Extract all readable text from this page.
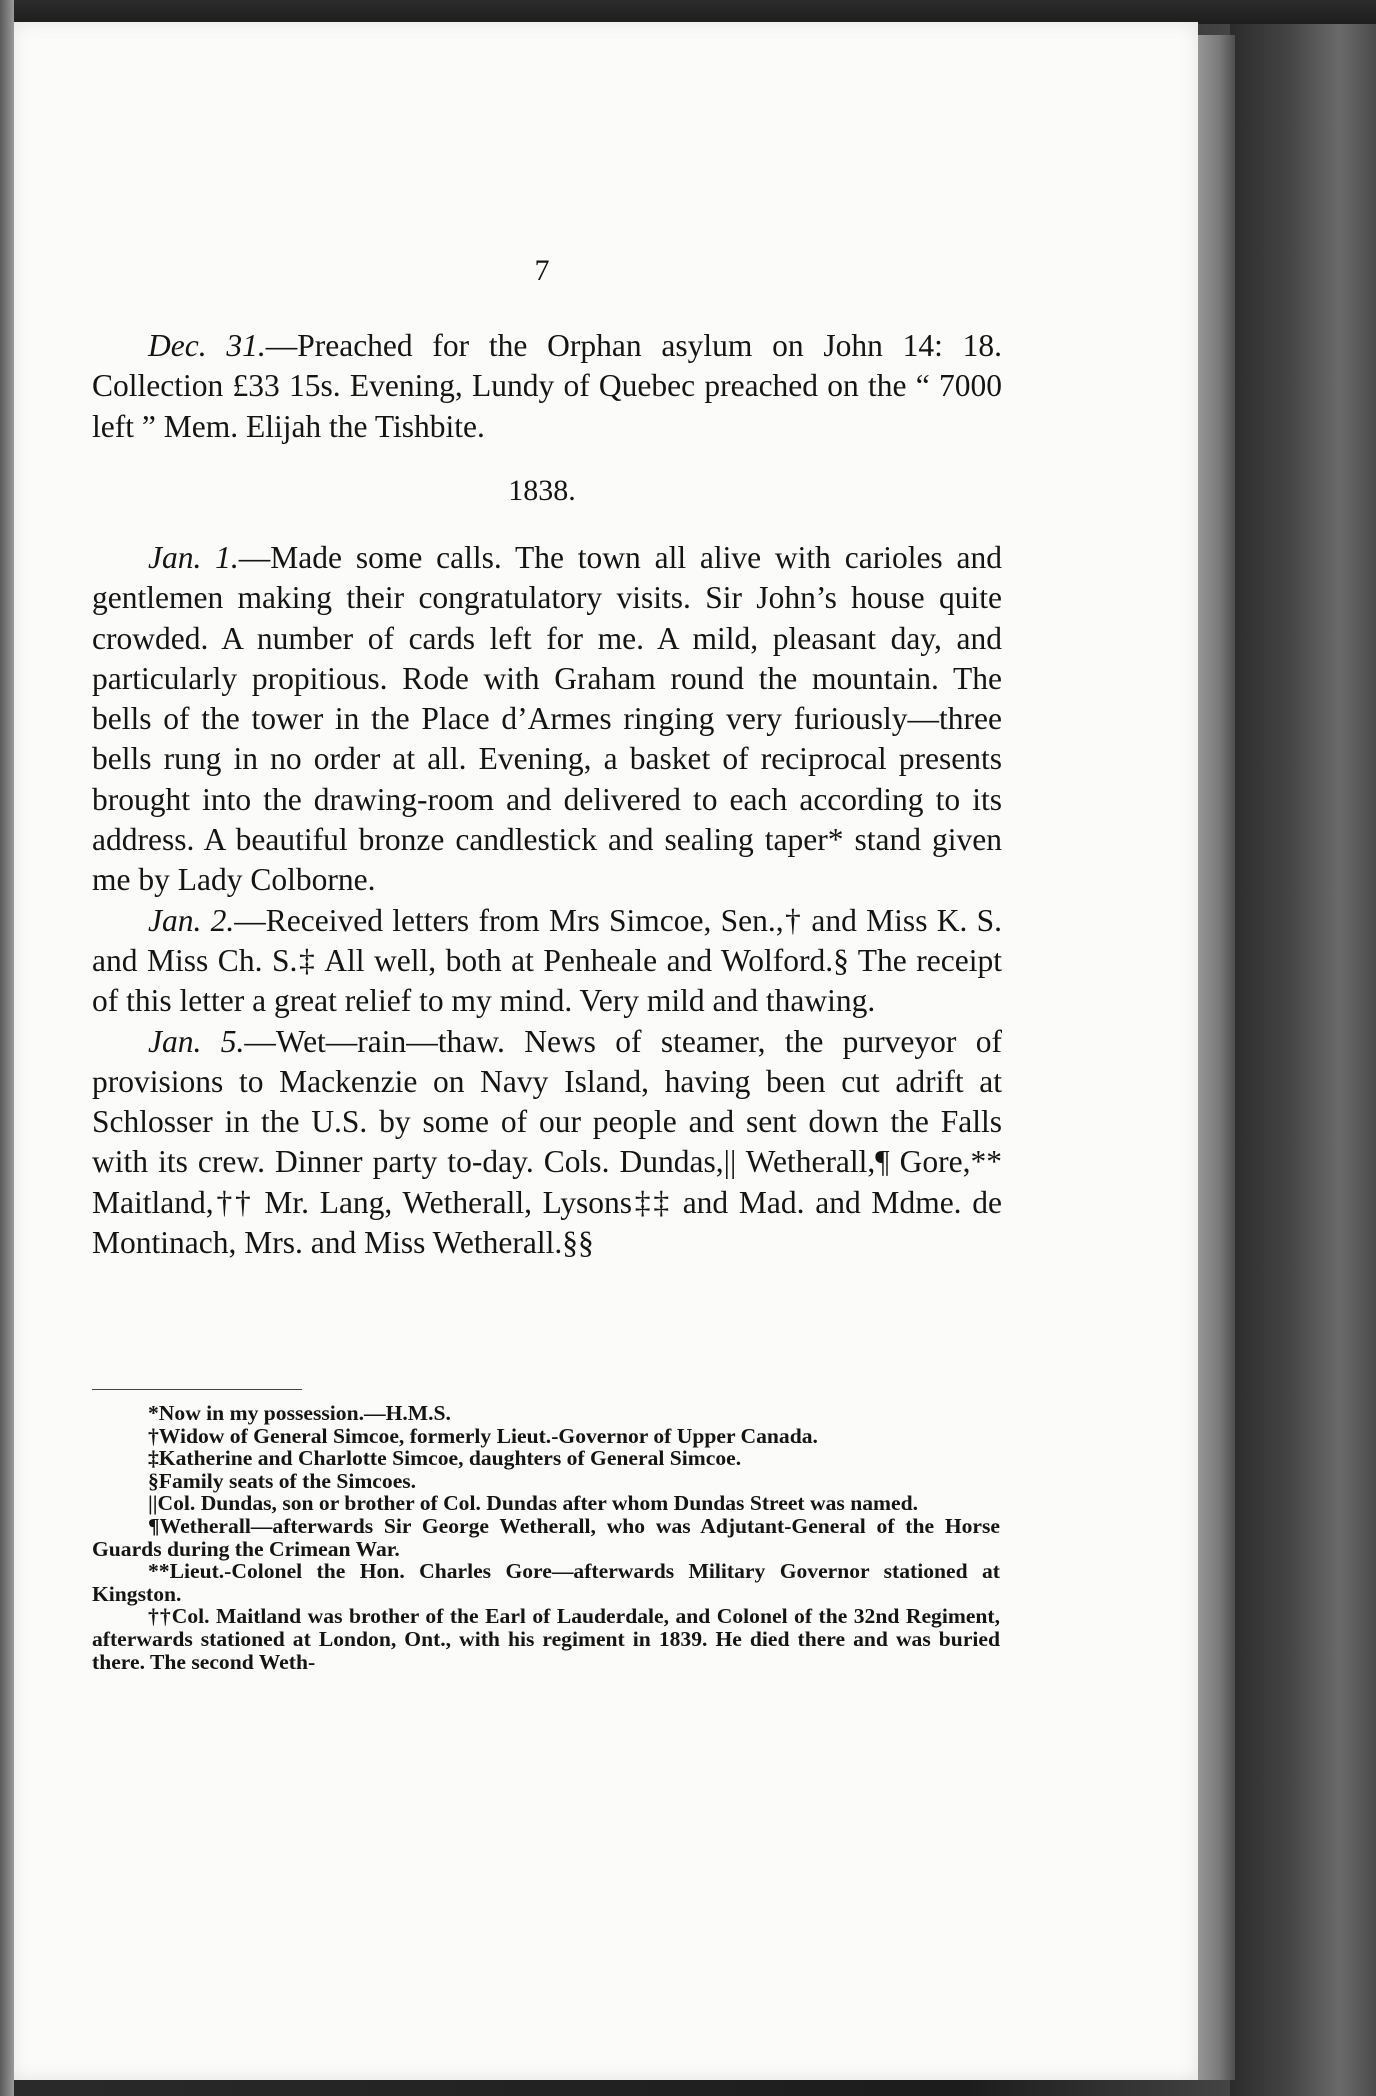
7

Dec. 31.—Preached for the Orphan asylum on John 14: 18. Collection £33 15s. Evening, Lundy of Quebec preached on the “ 7000 left ” Mem. Elijah the Tishbite.

1838.

Jan. 1.—Made some calls. The town all alive with carioles and gentlemen making their congratulatory visits. Sir John’s house quite crowded. A number of cards left for me. A mild, pleasant day, and particularly propitious. Rode with Graham round the mountain. The bells of the tower in the Place d’Armes ringing very furiously—three bells rung in no order at all. Evening, a basket of reciprocal presents brought into the drawing-room and delivered to each according to its address. A beautiful bronze candlestick and sealing taper* stand given me by Lady Colborne.

Jan. 2.—Received letters from Mrs Simcoe, Sen.,† and Miss K. S. and Miss Ch. S.‡ All well, both at Penheale and Wolford.§ The receipt of this letter a great relief to my mind. Very mild and thawing.

Jan. 5.—Wet—rain—thaw. News of steamer, the purveyor of provisions to Mackenzie on Navy Island, having been cut adrift at Schlosser in the U.S. by some of our people and sent down the Falls with its crew. Dinner party to-day. Cols. Dundas,|| Wetherall,¶ Gore,** Maitland,†† Mr. Lang, Wetherall, Lysons‡‡ and Mad. and Mdme. de Montinach, Mrs. and Miss Wetherall.§§

*Now in my possession.—H.M.S.

†Widow of General Simcoe, formerly Lieut.-Governor of Upper Canada.

‡Katherine and Charlotte Simcoe, daughters of General Simcoe.

§Family seats of the Simcoes.

||Col. Dundas, son or brother of Col. Dundas after whom Dundas Street was named.

¶Wetherall—afterwards Sir George Wetherall, who was Adjutant-General of the Horse Guards during the Crimean War.

**Lieut.-Colonel the Hon. Charles Gore—afterwards Military Governor stationed at Kingston.

††Col. Maitland was brother of the Earl of Lauderdale, and Colonel of the 32nd Regiment, afterwards stationed at London, Ont., with his regiment in 1839. He died there and was buried there. The second Weth-
